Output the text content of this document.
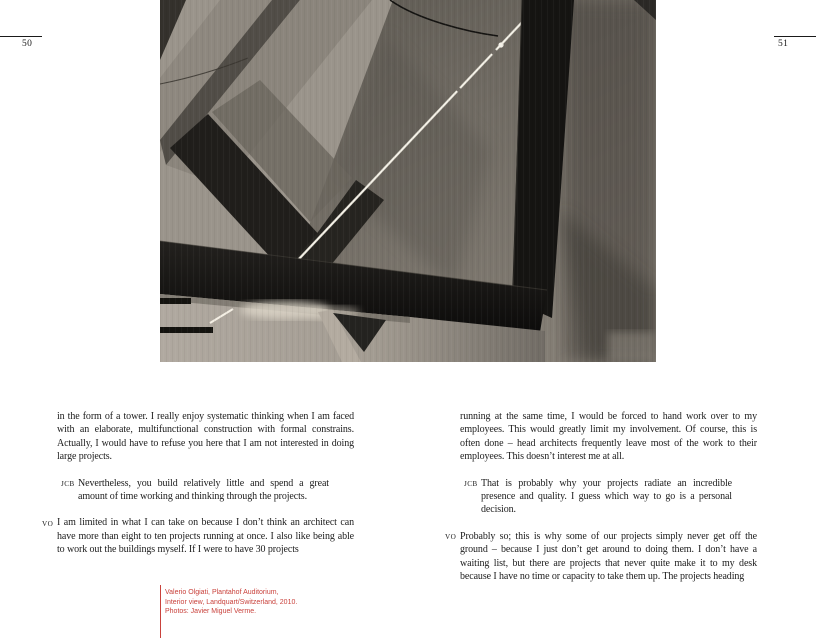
50	51

in the form of a tower. I really enjoy systematic thinking when I am faced with an elaborate, multifunctional construction with formal constrains. Actually, I would have to refuse you here that I am not interested in doing large projects.

JCB Nevertheless, you build relatively little and spend a great amount of time working and thinking through the projects.

VO I am limited in what I can take on because I don’t think an architect can have more than eight to ten projects running at once. I also like being able to work out the buildings myself. If I were to have 30 projects

running at the same time, I would be forced to hand work over to my employees. This would greatly limit my involvement. Of course, this is often done – head architects frequently leave most of the work to their employees. This doesn’t interest me at all.

JCB That is probably why your projects radiate an incredible presence and quality. I guess which way to go is a personal decision.

VO Probably so; this is why some of our projects simply never get off the ground – because I just don’t get around to doing them. I don’t have a waiting list, but there are projects that never quite make it to my desk because I have no time or capacity to take them up. The projects heading

Valerio Olgiati, Plantahof Auditorium,
Interior view, Landquart/Switzerland, 2010.
Photos: Javier Miguel Verme.
